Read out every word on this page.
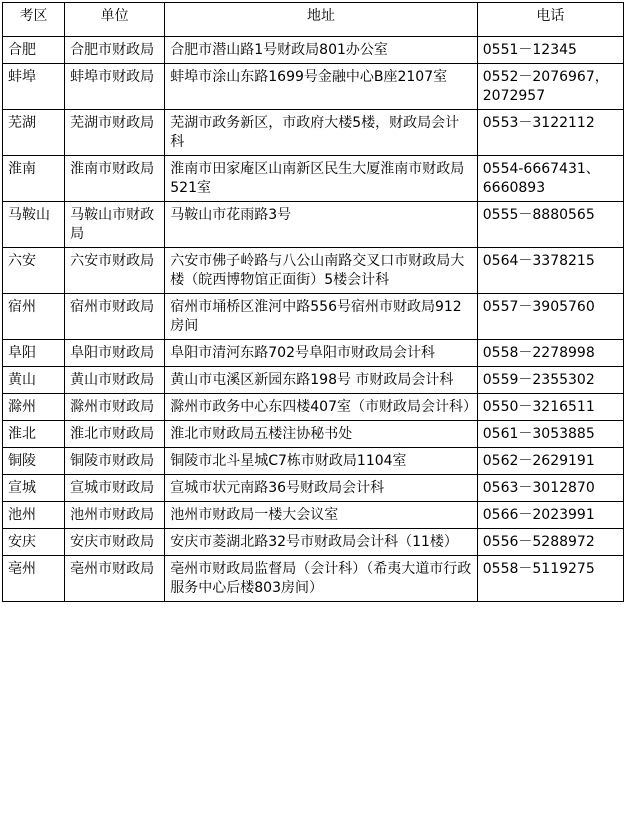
考区	单位	地址	电话
合肥	合肥市财政局	合肥市潜山路1号财政局801办公室	0551－12345
蚌埠	蚌埠市财政局	蚌埠市涂山东路1699号金融中心B座2107室	0552－2076967，2072957
芜湖	芜湖市财政局	芜湖市政务新区，市政府大楼5楼，财政局会计科	0553－3122112
淮南	淮南市财政局	淮南市田家庵区山南新区民生大厦淮南市财政局521室	0554-6667431、6660893
马鞍山	马鞍山市财政局	马鞍山市花雨路3号	0555－8880565
六安	六安市财政局	六安市佛子岭路与八公山南路交叉口市财政局大楼（皖西博物馆正面街）5楼会计科	0564－3378215
宿州	宿州市财政局	宿州市埇桥区淮河中路556号宿州市财政局912房间	0557－3905760
阜阳	阜阳市财政局	阜阳市清河东路702号阜阳市财政局会计科	0558－2278998
黄山	黄山市财政局	黄山市屯溪区新园东路198号 市财政局会计科	0559－2355302
滁州	滁州市财政局	滁州市政务中心东四楼407室（市财政局会计科）	0550－3216511
淮北	淮北市财政局	淮北市财政局五楼注协秘书处	0561－3053885
铜陵	铜陵市财政局	铜陵市北斗星城C7栋市财政局1104室	0562－2629191
宣城	宣城市财政局	宣城市状元南路36号财政局会计科	0563－3012870
池州	池州市财政局	池州市财政局一楼大会议室	0566－2023991
安庆	安庆市财政局	安庆市菱湖北路32号市财政局会计科（11楼）	0556－5288972
亳州	亳州市财政局	亳州市财政局监督局（会计科）（希夷大道市行政服务中心后楼803房间）	0558－5119275
